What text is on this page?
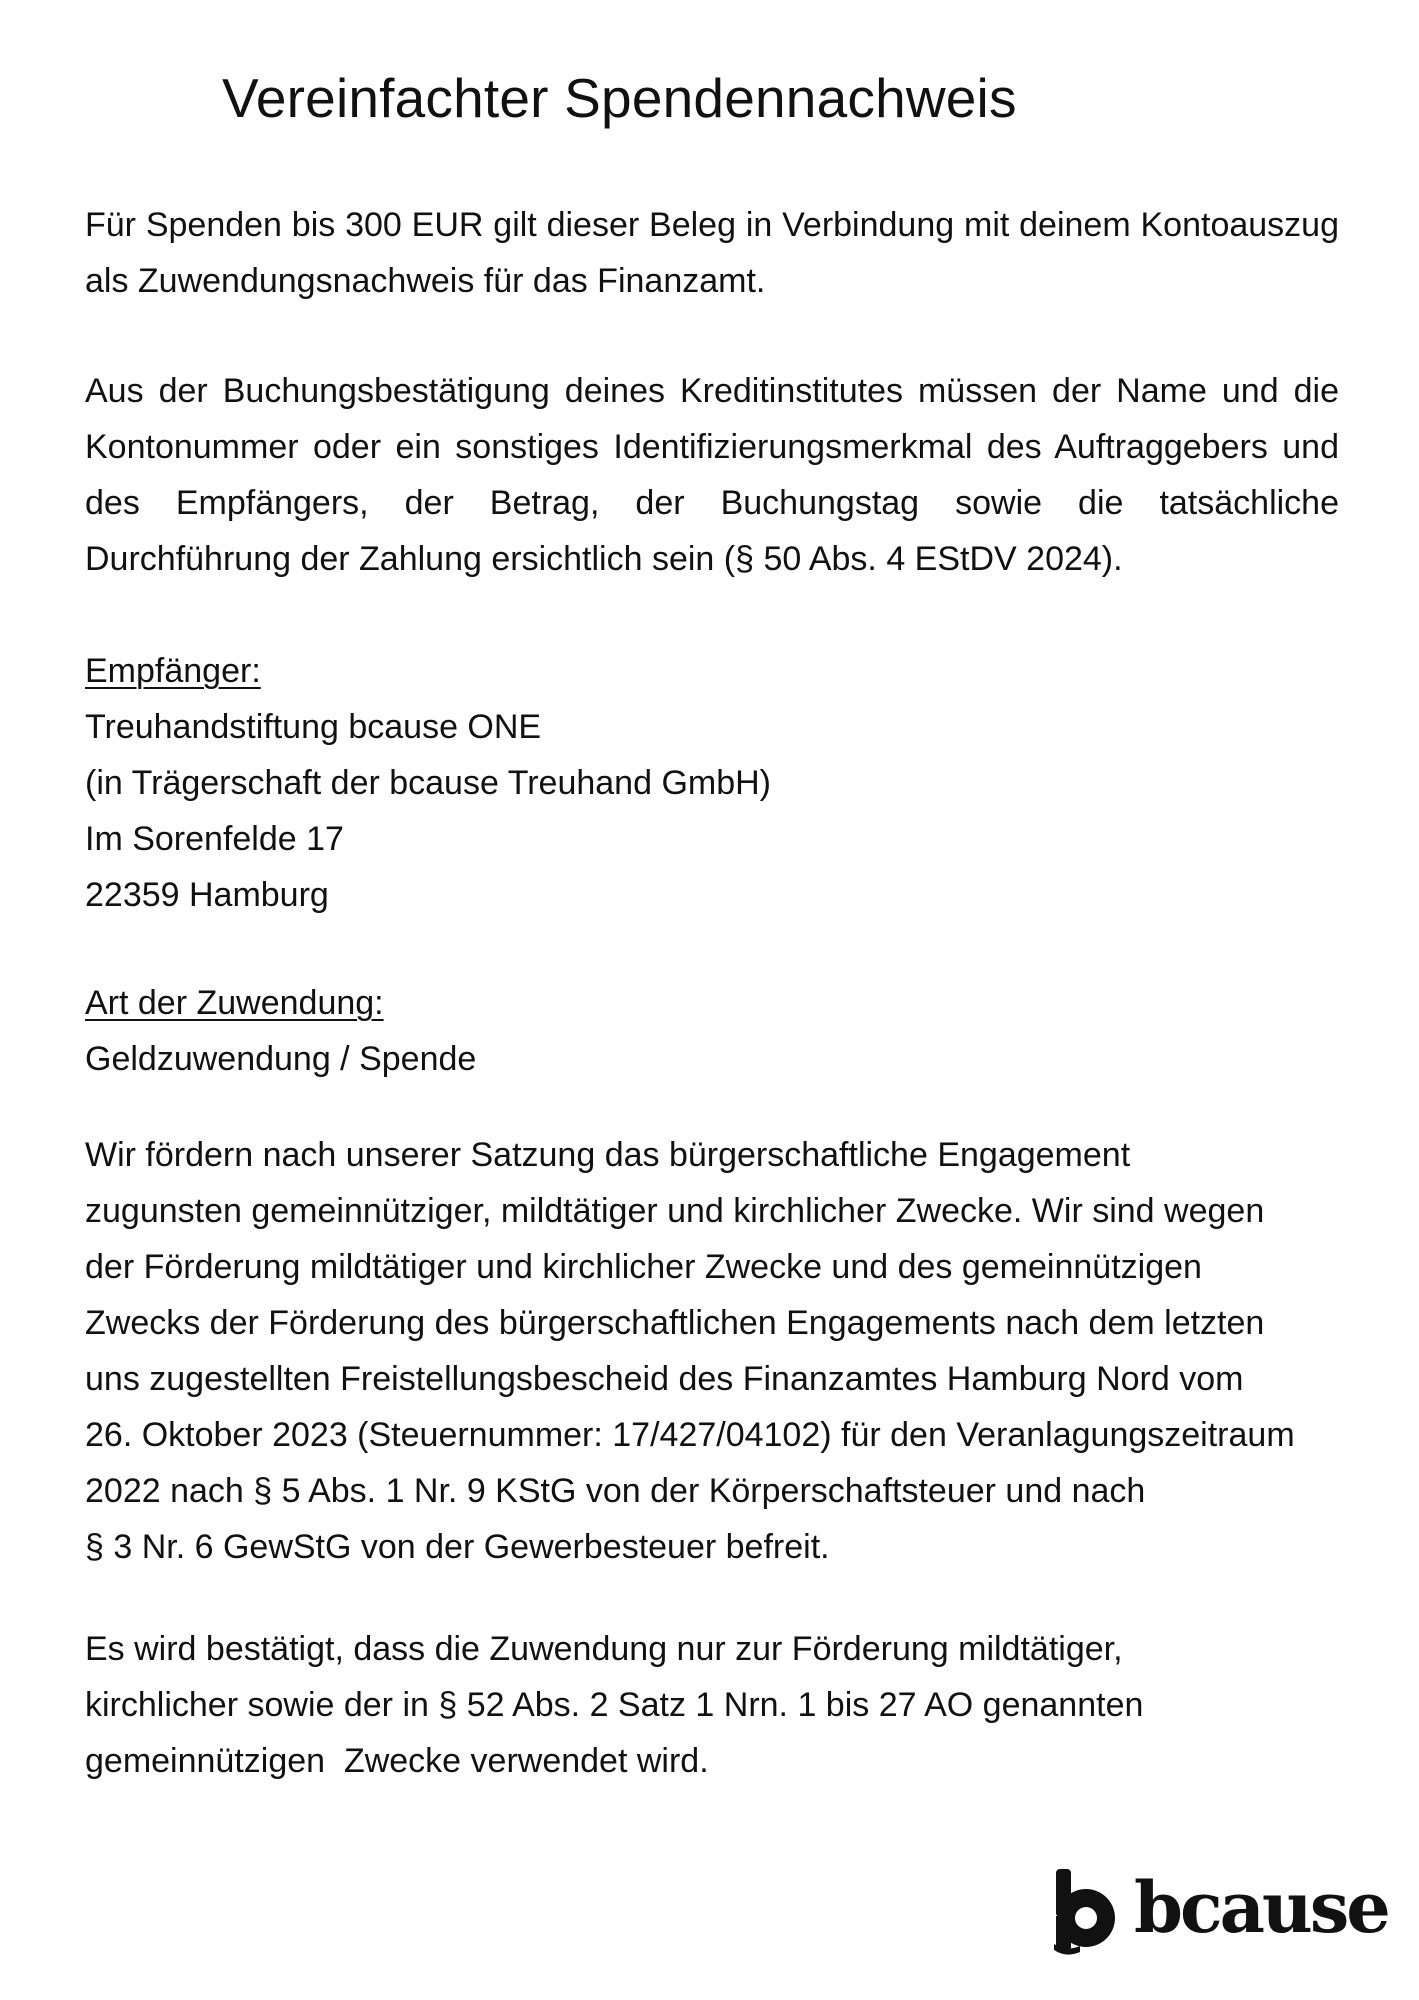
Vereinfachter Spendennachweis

Für Spenden bis 300 EUR gilt dieser Beleg in Verbindung mit deinem Kontoauszug als Zuwendungsnachweis für das Finanzamt.

Aus der Buchungsbestätigung deines Kreditinstitutes müssen der Name und die Kontonummer oder ein sonstiges Identifizierungsmerkmal des Auftraggebers und des Empfängers, der Betrag, der Buchungstag sowie die tatsächliche Durchführung der Zahlung ersichtlich sein (§ 50 Abs. 4 EStDV 2024).

Empfänger:
Treuhandstiftung bcause ONE
(in Trägerschaft der bcause Treuhand GmbH)
Im Sorenfelde 17
22359 Hamburg

Art der Zuwendung:
Geldzuwendung / Spende

Wir fördern nach unserer Satzung das bürgerschaftliche Engagement
zugunsten gemeinnütziger, mildtätiger und kirchlicher Zwecke. Wir sind wegen
der Förderung mildtätiger und kirchlicher Zwecke und des gemeinnützigen
Zwecks der Förderung des bürgerschaftlichen Engagements nach dem letzten
uns zugestellten Freistellungsbescheid des Finanzamtes Hamburg Nord vom
26. Oktober 2023 (Steuernummer: 17/427/04102) für den Veranlagungszeitraum
2022 nach § 5 Abs. 1 Nr. 9 KStG von der Körperschaftsteuer und nach
§ 3 Nr. 6 GewStG von der Gewerbesteuer befreit.

Es wird bestätigt, dass die Zuwendung nur zur Förderung mildtätiger,
kirchlicher sowie der in § 52 Abs. 2 Satz 1 Nrn. 1 bis 27 AO genannten
gemeinnützigen  Zwecke verwendet wird.

bcause
